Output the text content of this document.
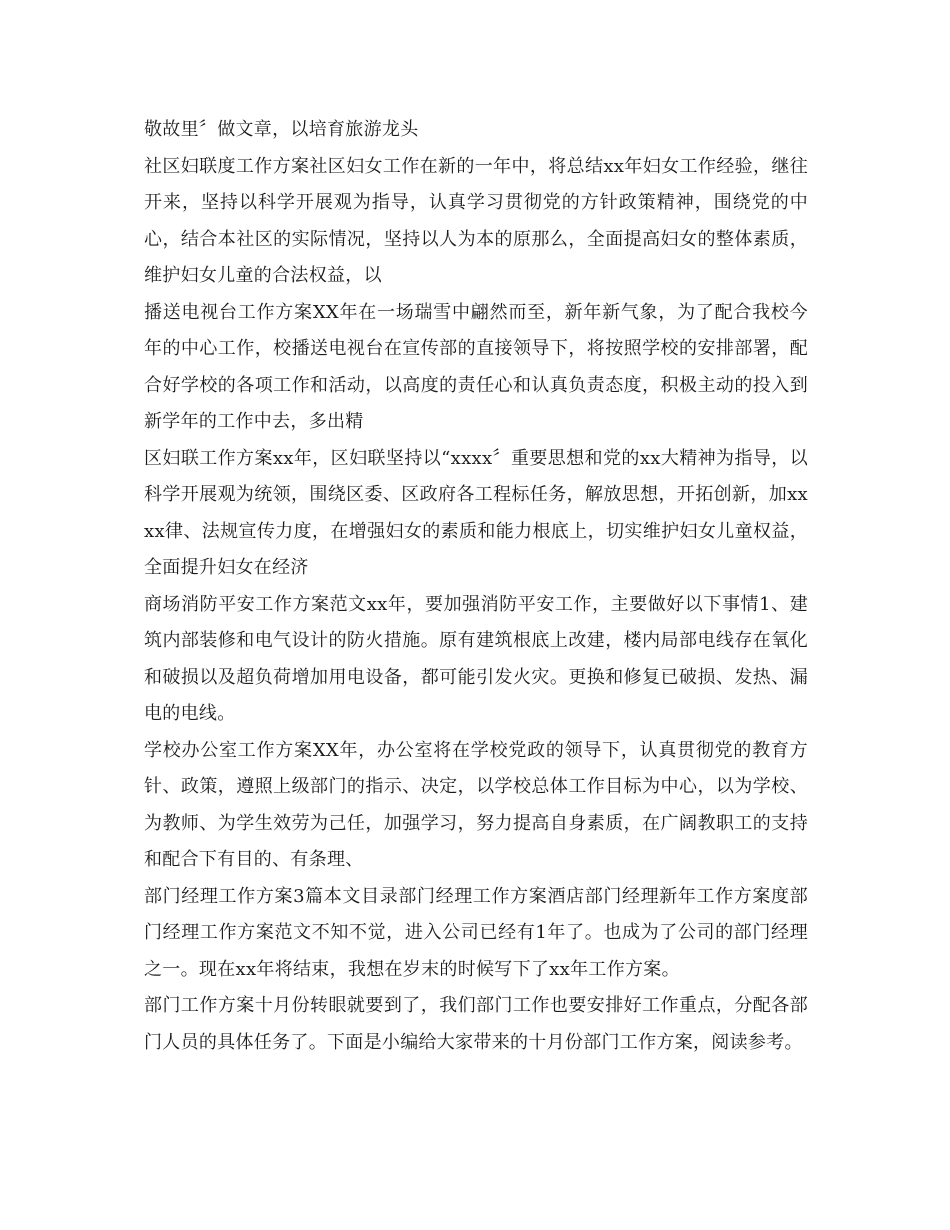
敬故里〞做文章，以培育旅游龙头

社区妇联度工作方案社区妇女工作在新的一年中，将总结xx年妇女工作经验，继往开来，坚持以科学开展观为指导，认真学习贯彻党的方针政策精神，围绕党的中心，结合本社区的实际情况，坚持以人为本的原那么，全面提高妇女的整体素质，维护妇女儿童的合法权益，以

播送电视台工作方案XX年在一场瑞雪中翩然而至，新年新气象，为了配合我校今年的中心工作，校播送电视台在宣传部的直接领导下，将按照学校的安排部署，配合好学校的各项工作和活动，以高度的责任心和认真负责态度，积极主动的投入到新学年的工作中去，多出精

区妇联工作方案xx年，区妇联坚持以“xxxx〞重要思想和党的xx大精神为指导，以科学开展观为统领，围绕区委、区政府各工程标任务，解放思想，开拓创新，加xxxx律、法规宣传力度，在增强妇女的素质和能力根底上，切实维护妇女儿童权益，全面提升妇女在经济

商场消防平安工作方案范文xx年，要加强消防平安工作，主要做好以下事情1、建筑内部装修和电气设计的防火措施。原有建筑根底上改建，楼内局部电线存在氧化和破损以及超负荷增加用电设备，都可能引发火灾。更换和修复已破损、发热、漏电的电线。

学校办公室工作方案XX年，办公室将在学校党政的领导下，认真贯彻党的教育方针、政策，遵照上级部门的指示、决定，以学校总体工作目标为中心，以为学校、为教师、为学生效劳为己任，加强学习，努力提高自身素质，在广阔教职工的支持和配合下有目的、有条理、

部门经理工作方案3篇本文目录部门经理工作方案酒店部门经理新年工作方案度部门经理工作方案范文不知不觉，进入公司已经有1年了。也成为了公司的部门经理之一。现在xx年将结束，我想在岁末的时候写下了xx年工作方案。

部门工作方案十月份转眼就要到了，我们部门工作也要安排好工作重点，分配各部门人员的具体任务了。下面是小编给大家带来的十月份部门工作方案，阅读参考。
